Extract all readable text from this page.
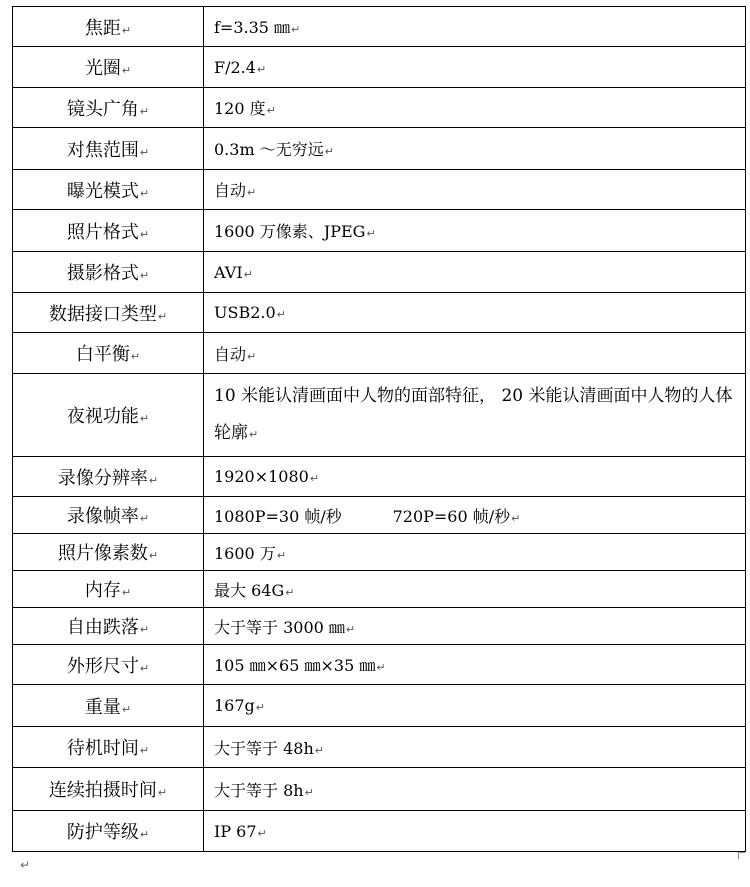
焦距↵	f=3.35 ㎜↵
光圈↵	F/2.4↵
镜头广角↵	120 度↵
对焦范围↵	0.3m ～无穷远↵
曝光模式↵	自动↵
照片格式↵	1600 万像素、JPEG↵
摄影格式↵	AVI↵
数据接口类型↵	USB2.0↵
白平衡↵	自动↵
夜视功能↵	10 米能认清画面中人物的面部特征， 20 米能认清画面中人物的人体轮廓↵
录像分辨率↵	1920×1080↵
录像帧率↵	1080P=30 帧/秒          720P=60 帧/秒↵
照片像素数↵	1600 万↵
内存↵	最大 64G↵
自由跌落↵	大于等于 3000 ㎜↵
外形尺寸↵	105 ㎜×65 ㎜×35 ㎜↵
重量↵	167g↵
待机时间↵	大于等于 48h↵
连续拍摄时间↵	大于等于 8h↵
防护等级↵	IP 67↵
↵
